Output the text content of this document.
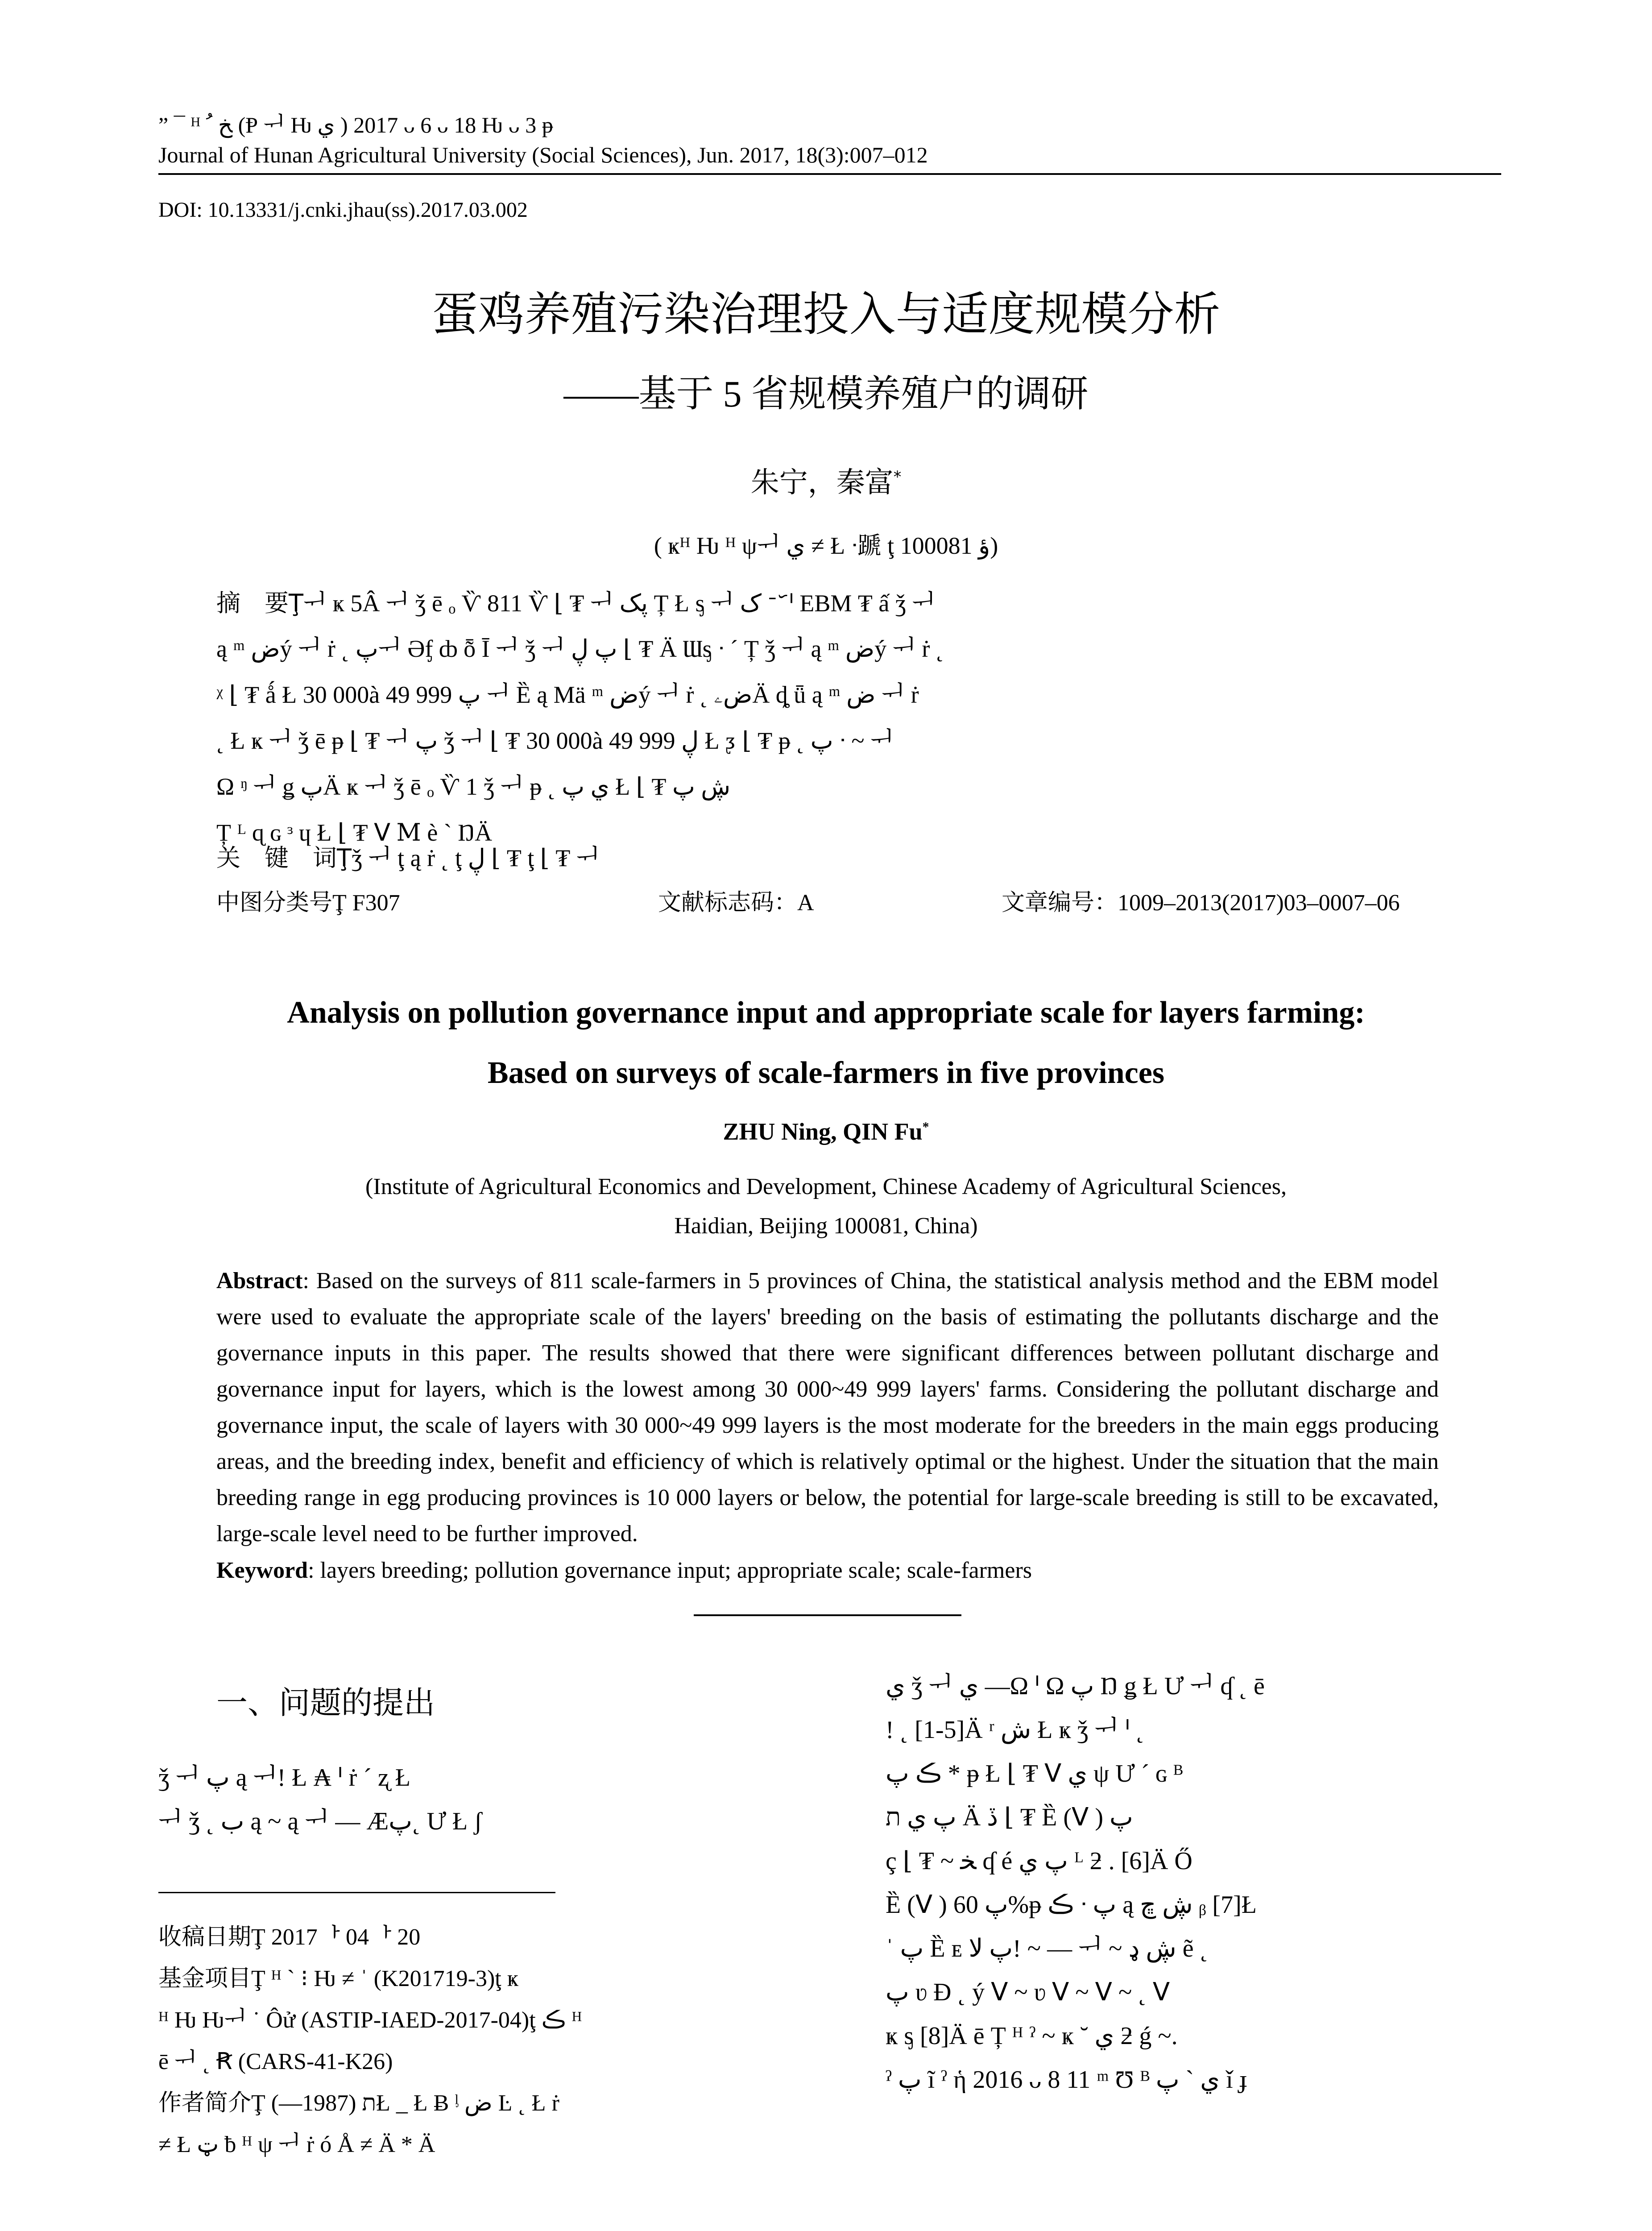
” ¯ ᴴ ﺦ ﹸ (Ᵽ ᅱ Ƕ ي ) 2017 ᴗ 6 ᴗ 18 Ƕ ᴗ 3 ᵽ
Journal of Hunan Agricultural University (Social Sciences), Jun. 2017, 18(3):007–012
DOI: 10.13331/j.cnki.jhau(ss).2017.03.002
蛋鸡养殖污染治理投入与适度规模分析
——基于 5 省规模养殖户的调研
朱宁，秦富*
( ҝᴴ Ƕ ᴴ ψᅱ ي ≠ Ł ᐧ蹏 ţ ؤ 100081)
摘　要Ţᅱ ҝ 5Â ᅱ ǯ ē ₒ Ѷ 811 Ѷ ⌊ ₮ ᅱ پک Ț Ł ᶊ ᅱ ک ᐨ ᷃ ᑊ EBM ₮ ấ ǯ ᅱ
ą ᵐ ضý ᅱ ṙ ˛ پᅱ Əᶂ ȸ ȭ Ī ᅱ ǯ ᅱ پ ڸ ⌊ ₮ Ä Ɯᶊ ᐧ ´ Ț ǯ ᅱ ą ᵐ ضý ᅱ ṙ ˛
ᵡ ⌊ ₮ ǻ Ł 30 000à 49 999 پ ᅱ Ȅ ą Mä ᵐ ضý ᅱ ṙ ˛ ضۦÄ ȡ ǖ ą ᵐ ض ᅱ ṙ
˛ Ł ҝ ᅱ ǯ ē ᵽ ⌊ ₮ ᅱ پ ǯ ᅱ ⌊ ₮ 30 000à 49 999 ڸ Ł ᶚ ⌊ ₮ ᵽ ˛ پ ᐧ ~ ᅱ
Ω ᵑ ᅱ ǥ پÄ ҝ ᅱ ǯ ē ₒ Ѷ 1 ǯ ᅱ ᵽ ˛ ي پ Ł ⌊ ₮ ڜ پ
Ț ᴸ ɋ ɢ ᵌ ɥ Ł ⌊ ₮ ᐯ Ⅿ è ˋ ŊÄ
关　键　词Ţǯ ᅱ ţ ą ṙ ˛ ţ ڸ ⌊ ₮ ţ ⌊ ₮ ᅱ
中图分类号Ţ F307	文献标志码：A	文章编号：1009–2013(2017)03–0007–06
Analysis on pollution governance input and appropriate scale for layers farming:
Based on surveys of scale-farmers in five provinces
ZHU Ning, QIN Fu*
(Institute of Agricultural Economics and Development, Chinese Academy of Agricultural Sciences,
Haidian, Beijing 100081, China)
Abstract: Based on the surveys of 811 scale-farmers in 5 provinces of China, the statistical analysis method and the EBM model were used to evaluate the appropriate scale of the layers' breeding on the basis of estimating the pollutants discharge and the governance inputs in this paper. The results showed that there were significant differences between pollutant discharge and governance input for layers, which is the lowest among 30 000~49 999 layers' farms. Considering the pollutant discharge and governance input, the scale of layers with 30 000~49 999 layers is the most moderate for the breeders in the main eggs producing areas, and the breeding index, benefit and efficiency of which is relatively optimal or the highest. Under the situation that the main breeding range in egg producing provinces is 10 000 layers or below, the potential for large-scale breeding is still to be excavated, large-scale level need to be further improved.
Keyword: layers breeding; pollution governance input; appropriate scale; scale-farmers
一、问题的提出
ǯ ᅱ پ ą ᅱ! Ł ₳ ᑊ ṙ ´ ʐ Ł
ᅱ ǯ ˛ ب ą ~ ą ᅱ — Æپ˛ Ư Ł ʃ
收稿日期Ţ 2017ᅡ 04ᅡ 20
基金项目Ţ ᴴ ˋ ⁝ Ƕ ≠ ˈ (K201719-3)ţ ҝ
ᴴ Ƕ Ƕᅱ ˙ Ôử (ASTIP-IAED-2017-04)ţ ڪ ᴴ
ē ᅱ ˛ Ꞧ (CARS-41-K26)
作者简介Ţ ת (1987—)Ł _ Ł Ƀ ᶪ ض Ŀ ˛ Ł ṙ
≠ Ł ټ ƀ ᴴ ψ ᅱ ṙ ó Å ≠ Ä * Ä
ي ǯ ᅱ ي —Ω ᑊ Ω پ Ŋ ǥ Ł Ư ᅱ ʠ ˛ ē
! ˛ [1-5]Ä ʳ ش Ł ҝ ǯ ᅱ ᑊ ˛
ڪ پ * ᵽ Ł ⌊ ₮ ᐯ ي ψ Ư ´ ɢ ᴮ
پ ي ת Ä ڏ ⌊ ₮ Ȅ (ᐯ ) پ
ç ⌊ ₮ ~ ﺨ ʠ é پ ي ᴸ ƻ . [6]Ä Ő
Ȅ (ᐯ ) پ 60%ᵽ ڪ ᐧ پ ą ڜ ڇ ᵦ [7]Ł
ˈ پ Ȅ ᴇ پ ﻻ! ~ — ᅱ ~ ڜ ډ ẽ ˛
پ ʋ Ð ˛ ý ᐯ ~ ʋ ᐯ ~ ᐯ ~ ˛ ᐯ
ҝ ᶊ [8]Ä ē Ț ᴴ ˀ ~ ҝ ˘ ي ƻ ǵ ~.
ˀ پ ĩ ˀ ἡ 2016 ᴗ 8 11 ᵐ Ʊ ᴮ ي ˋ پ ǐ ɟ
